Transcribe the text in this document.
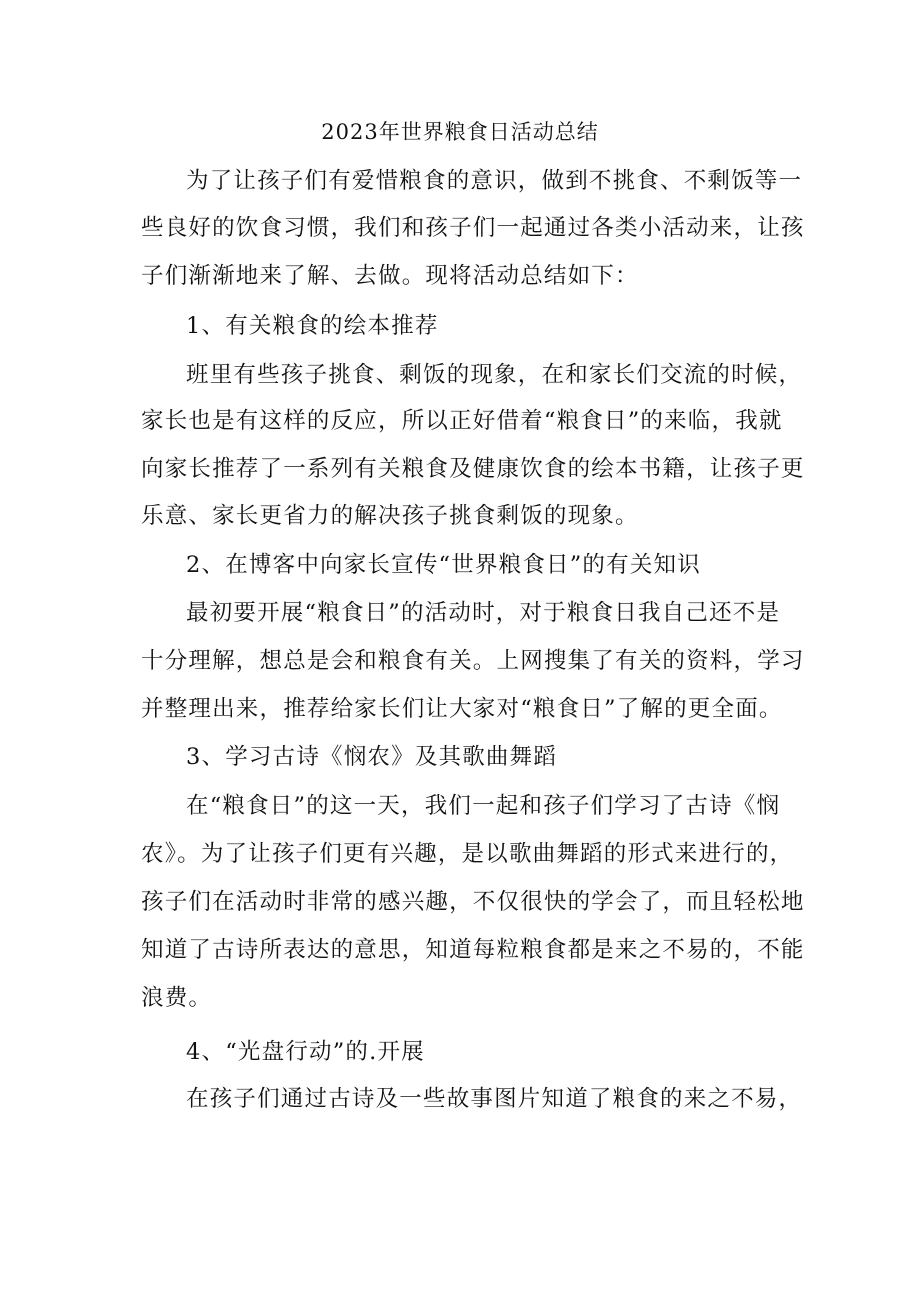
2023年世界粮食日活动总结
为了让孩子们有爱惜粮食的意识，做到不挑食、不剩饭等一
些良好的饮食习惯，我们和孩子们一起通过各类小活动来，让孩
子们渐渐地来了解、去做。现将活动总结如下：
1、有关粮食的绘本推荐
班里有些孩子挑食、剩饭的现象，在和家长们交流的时候，
家长也是有这样的反应，所以正好借着“粮食日”的来临，我就
向家长推荐了一系列有关粮食及健康饮食的绘本书籍，让孩子更
乐意、家长更省力的解决孩子挑食剩饭的现象。
2、在博客中向家长宣传“世界粮食日”的有关知识
最初要开展“粮食日”的活动时，对于粮食日我自己还不是
十分理解，想总是会和粮食有关。上网搜集了有关的资料，学习
并整理出来，推荐给家长们让大家对“粮食日”了解的更全面。
3、学习古诗《悯农》及其歌曲舞蹈
在“粮食日”的这一天，我们一起和孩子们学习了古诗《悯
农》。为了让孩子们更有兴趣，是以歌曲舞蹈的形式来进行的，
孩子们在活动时非常的感兴趣，不仅很快的学会了，而且轻松地
知道了古诗所表达的意思，知道每粒粮食都是来之不易的，不能
浪费。
4、“光盘行动”的.开展
在孩子们通过古诗及一些故事图片知道了粮食的来之不易，
